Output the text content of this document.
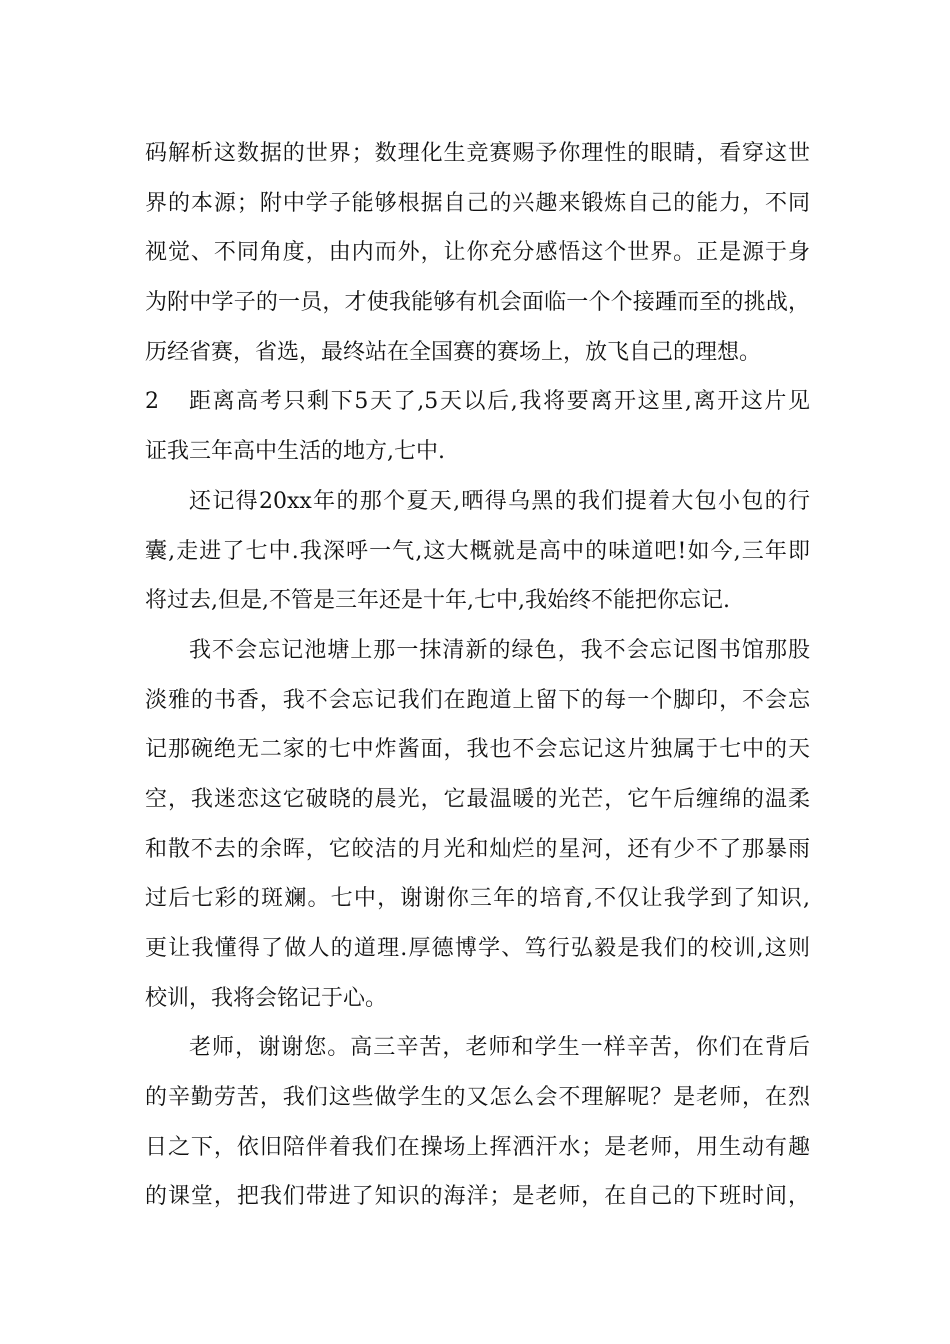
码解析这数据的世界；数理化生竞赛赐予你理性的眼睛，看穿这世
界的本源；附中学子能够根据自己的兴趣来锻炼自己的能力，不同
视觉、不同角度，由内而外，让你充分感悟这个世界。正是源于身
为附中学子的一员，才使我能够有机会面临一个个接踵而至的挑战，
历经省赛，省选，最终站在全国赛的赛场上，放飞自己的理想。
2 距离高考只剩下5天了,5天以后,我将要离开这里,离开这片见
证我三年高中生活的地方,七中.
还记得20xx年的那个夏天,晒得乌黑的我们提着大包小包的行
囊,走进了七中.我深呼一气,这大概就是高中的味道吧!如今,三年即
将过去,但是,不管是三年还是十年,七中,我始终不能把你忘记.
我不会忘记池塘上那一抹清新的绿色，我不会忘记图书馆那股
淡雅的书香，我不会忘记我们在跑道上留下的每一个脚印，不会忘
记那碗绝无二家的七中炸酱面，我也不会忘记这片独属于七中的天
空，我迷恋这它破晓的晨光，它最温暖的光芒，它午后缠绵的温柔
和散不去的余晖，它皎洁的月光和灿烂的星河，还有少不了那暴雨
过后七彩的斑斓。七中，谢谢你三年的培育,不仅让我学到了知识,
更让我懂得了做人的道理.厚德博学、笃行弘毅是我们的校训,这则
校训，我将会铭记于心。
老师，谢谢您。高三辛苦，老师和学生一样辛苦，你们在背后
的辛勤劳苦，我们这些做学生的又怎么会不理解呢？是老师，在烈
日之下，依旧陪伴着我们在操场上挥洒汗水；是老师，用生动有趣
的课堂，把我们带进了知识的海洋；是老师，在自己的下班时间，
